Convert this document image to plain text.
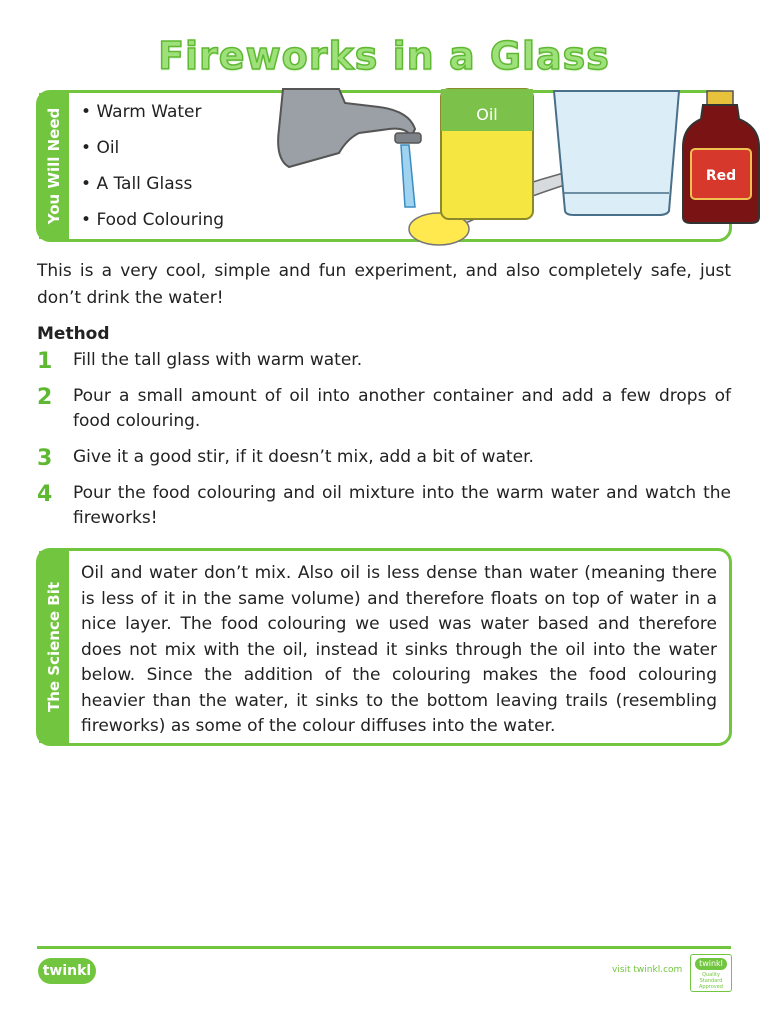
Fireworks in a Glass
You Will Need
•	Warm Water
• Oil
• A Tall Glass
• Food Colouring
Oil
Red
This is a very cool, simple and fun experiment, and also completely safe, just don’t drink the water!
Method
1 Fill the tall glass with warm water.
2 Pour a small amount of oil into another container and add a few drops of food colouring.
3 Give it a good stir, if it doesn’t mix, add a bit of water.
4 Pour the food colouring and oil mixture into the warm water and watch the fireworks!
The Science Bit

Oil and water don’t mix. Also oil is less dense than water (meaning there is less of it in the same volume) and therefore floats on top of water in a nice layer. The food colouring we used was water based and therefore does not mix with the oil, instead it sinks through the oil into the water below. Since the addition of the colouring makes the food colouring heavier than the water, it sinks to the bottom leaving trails (resembling fireworks) as some of the colour diffuses into the water.

twinkl	visit twinkl.com
twinkl
Quality Standard Approved
